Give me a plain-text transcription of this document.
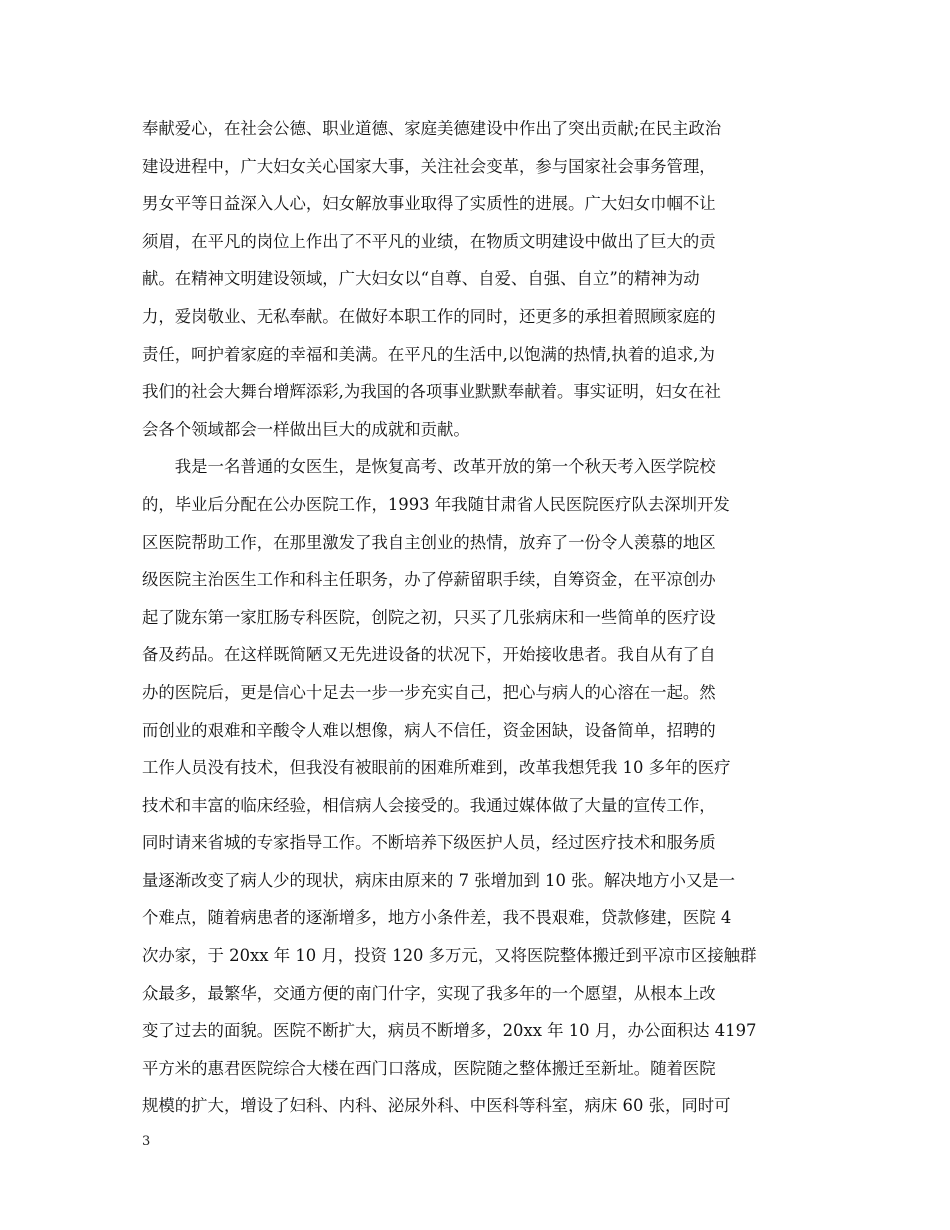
奉献爱心，在社会公德、职业道德、家庭美德建设中作出了突出贡献;在民主政治
建设进程中，广大妇女关心国家大事，关注社会变革，参与国家社会事务管理，
男女平等日益深入人心，妇女解放事业取得了实质性的进展。广大妇女巾帼不让
须眉，在平凡的岗位上作出了不平凡的业绩，在物质文明建设中做出了巨大的贡
献。在精神文明建设领域，广大妇女以“自尊、自爱、自强、自立”的精神为动
力，爱岗敬业、无私奉献。在做好本职工作的同时，还更多的承担着照顾家庭的
责任，呵护着家庭的幸福和美满。在平凡的生活中,以饱满的热情,执着的追求,为
我们的社会大舞台增辉添彩,为我国的各项事业默默奉献着。事实证明，妇女在社
会各个领域都会一样做出巨大的成就和贡献。
　　我是一名普通的女医生，是恢复高考、改革开放的第一个秋天考入医学院校
的，毕业后分配在公办医院工作，1993 年我随甘肃省人民医院医疗队去深圳开发
区医院帮助工作，在那里激发了我自主创业的热情，放弃了一份令人羡慕的地区
级医院主治医生工作和科主任职务，办了停薪留职手续，自筹资金，在平凉创办
起了陇东第一家肛肠专科医院，创院之初，只买了几张病床和一些简单的医疗设
备及药品。在这样既简陋又无先进设备的状况下，开始接收患者。我自从有了自
办的医院后，更是信心十足去一步一步充实自己，把心与病人的心溶在一起。然
而创业的艰难和辛酸令人难以想像，病人不信任，资金困缺，设备简单，招聘的
工作人员没有技术，但我没有被眼前的困难所难到，改革我想凭我 10 多年的医疗
技术和丰富的临床经验，相信病人会接受的。我通过媒体做了大量的宣传工作，
同时请来省城的专家指导工作。不断培养下级医护人员，经过医疗技术和服务质
量逐渐改变了病人少的现状，病床由原来的 7 张增加到 10 张。解决地方小又是一
个难点，随着病患者的逐渐增多，地方小条件差，我不畏艰难，贷款修建，医院 4
次办家，于 20xx 年 10 月，投资 120 多万元，又将医院整体搬迁到平凉市区接触群
众最多，最繁华，交通方便的南门什字，实现了我多年的一个愿望，从根本上改
变了过去的面貌。医院不断扩大，病员不断增多，20xx 年 10 月，办公面积达 4197
平方米的惠君医院综合大楼在西门口落成，医院随之整体搬迁至新址。随着医院
规模的扩大，增设了妇科、内科、泌尿外科、中医科等科室，病床 60 张，同时可
3
